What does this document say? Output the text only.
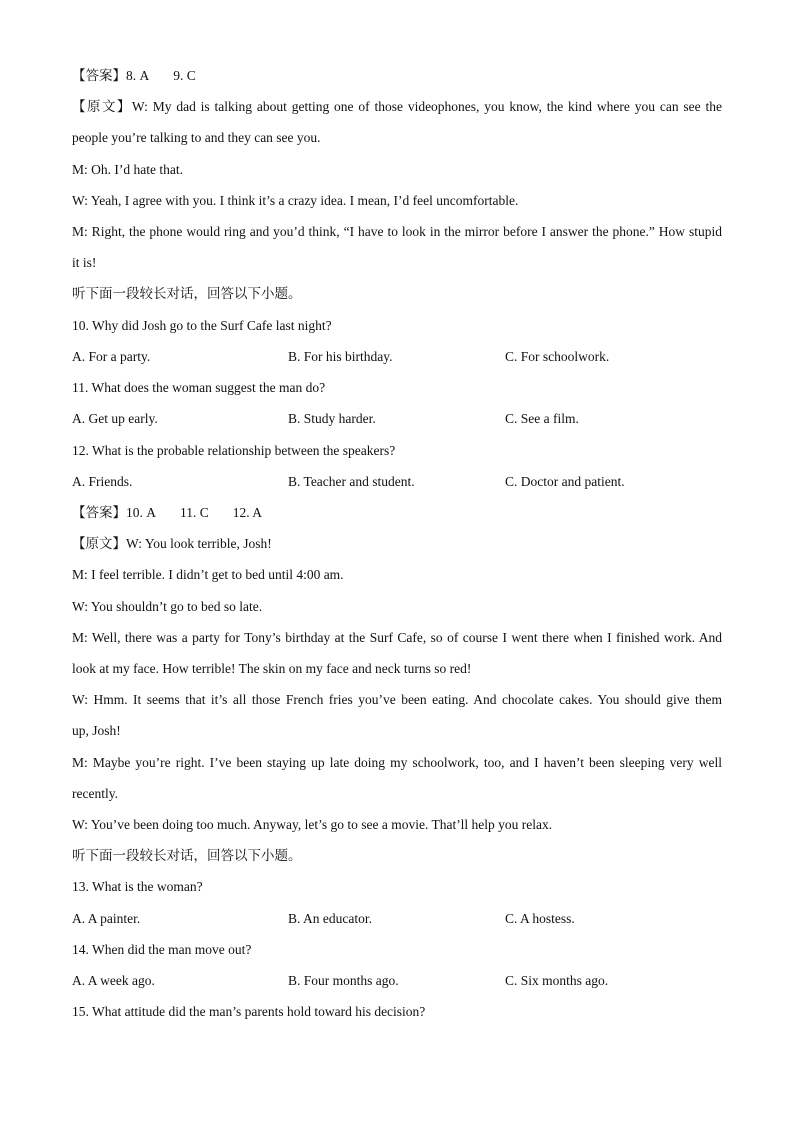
【答案】8. A 9. C
【原文】W: My dad is talking about getting one of those videophones, you know, the kind where you can see the
people you’re talking to and they can see you.
M: Oh. I’d hate that.
W: Yeah, I agree with you. I think it’s a crazy idea. I mean, I’d feel uncomfortable.
M: Right, the phone would ring and you’d think, “I have to look in the mirror before I answer the phone.” How stupid
it is!
听下面一段较长对话，回答以下小题。
10. Why did Josh go to the Surf Cafe last night?
A. For a party.	B. For his birthday.	C. For schoolwork.
11. What does the woman suggest the man do?
A. Get up early.	B. Study harder.	C. See a film.
12. What is the probable relationship between the speakers?
A. Friends.	B. Teacher and student.	C. Doctor and patient.
【答案】10. A 11. C 12. A
【原文】W: You look terrible, Josh!
M: I feel terrible. I didn’t get to bed until 4:00 am.
W: You shouldn’t go to bed so late.
M: Well, there was a party for Tony’s birthday at the Surf Cafe, so of course I went there when I finished work. And
look at my face. How terrible! The skin on my face and neck turns so red!
W: Hmm. It seems that it’s all those French fries you’ve been eating. And chocolate cakes. You should give them
up, Josh!
M: Maybe you’re right. I’ve been staying up late doing my schoolwork, too, and I haven’t been sleeping very well
recently.
W: You’ve been doing too much. Anyway, let’s go to see a movie. That’ll help you relax.
听下面一段较长对话，回答以下小题。
13. What is the woman?
A. A painter.	B. An educator.	C. A hostess.
14. When did the man move out?
A. A week ago.	B. Four months ago.	C. Six months ago.
15. What attitude did the man’s parents hold toward his decision?
